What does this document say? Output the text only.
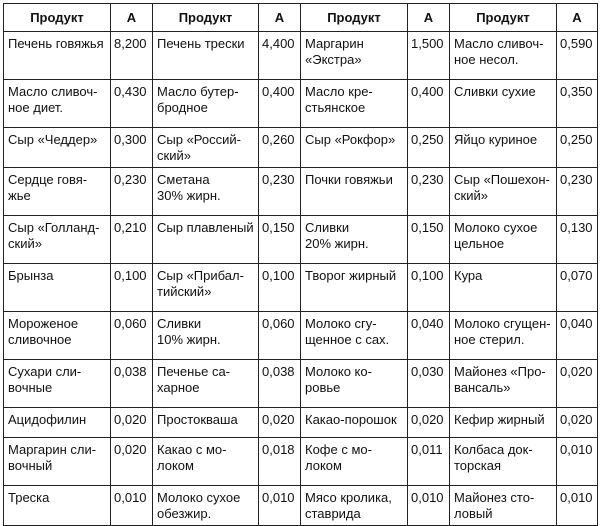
Продукт	A	Продукт	A	Продукт	A	Продукт	A

Печень говяжья	8,200	Печень трески	4,400	Маргарин
«Экстра»	1,500	Масло сливоч-
ное несол.	0,590

Масло сливоч-
ное диет.	0,430	Масло бутер-
бродное	0,400	Масло кре-
стьянское	0,400	Сливки сухие	0,350

Сыр «Чеддер»	0,300	Сыр «Россий-
ский»	0,260	Сыр «Рокфор»	0,250	Яйцо куриное	0,250

Сердце говя-
жье	0,230	Сметана
30% жирн.	0,230	Почки говяжьи	0,230	Сыр «Пошехон-
ский»	0,230

Сыр «Голланд-
ский»	0,210	Сыр плавленый	0,150	Сливки
20% жирн.	0,150	Молоко сухое
цельное	0,130

Брынза	0,100	Сыр «Прибал-
тийский»	0,100	Творог жирный	0,100	Кура	0,070

Мороженое
сливочное	0,060	Сливки
10% жирн.	0,060	Молоко сгу-
щенное с сах.	0,040	Молоко сгущен-
ное стерил.	0,040

Сухари сли-
вочные	0,038	Печенье са-
харное	0,038	Молоко ко-
ровье	0,030	Майонез «Про-
вансаль»	0,020

Ацидофилин	0,020	Простокваша	0,020	Какао-порошок	0,020	Кефир жирный	0,020

Маргарин сли-
вочный	0,020	Какао с мо-
локом	0,018	Кофе с мо-
локом	0,011	Колбаса док-
торская	0,010

Треска	0,010	Молоко сухое
обезжир.	0,010	Мясо кролика,
ставрида	0,010	Майонез сто-
ловый	0,010
